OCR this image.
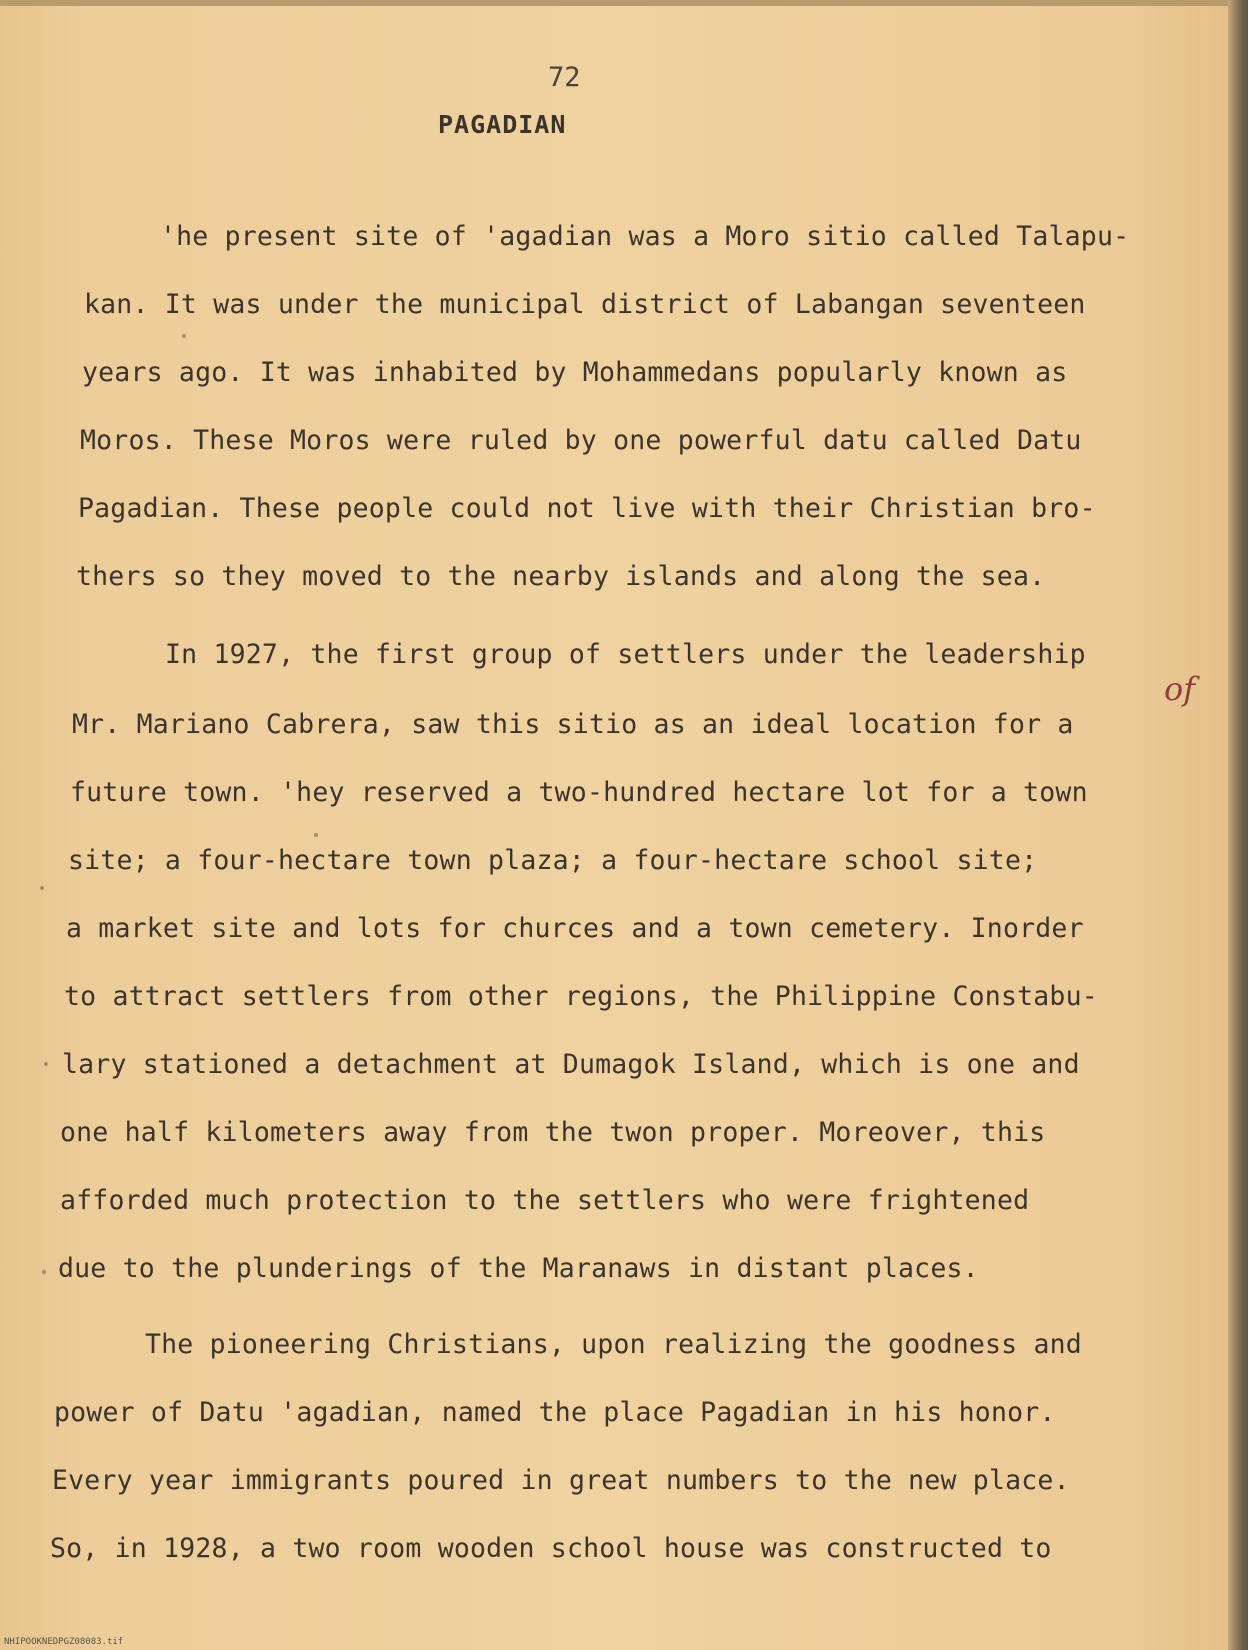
72
PAGADIAN
'he present site of 'agadian was a Moro sitio called Talapu-
kan. It was under the municipal district of Labangan seventeen
years ago. It was inhabited by Mohammedans popularly known as
Moros. These Moros were ruled by one powerful datu called Datu
Pagadian. These people could not live with their Christian bro-
thers so they moved to the nearby islands and along the sea.
In 1927, the first group of settlers under the leadership
Mr. Mariano Cabrera, saw this sitio as an ideal location for a
future town. 'hey reserved a two-hundred hectare lot for a town
site; a four-hectare town plaza; a four-hectare school site;
a market site and lots for churces and a town cemetery. Inorder
to attract settlers from other regions, the Philippine Constabu-
lary stationed a detachment at Dumagok Island, which is one and
one half kilometers away from the twon proper. Moreover, this
afforded much protection to the settlers who were frightened
due to the plunderings of the Maranaws in distant places.
The pioneering Christians, upon realizing the goodness and
power of Datu 'agadian, named the place Pagadian in his honor.
Every year immigrants poured in great numbers to the new place.
So, in 1928, a two room wooden school house was constructed to
of
NHIPOOKNEDPGZ08083.tif
